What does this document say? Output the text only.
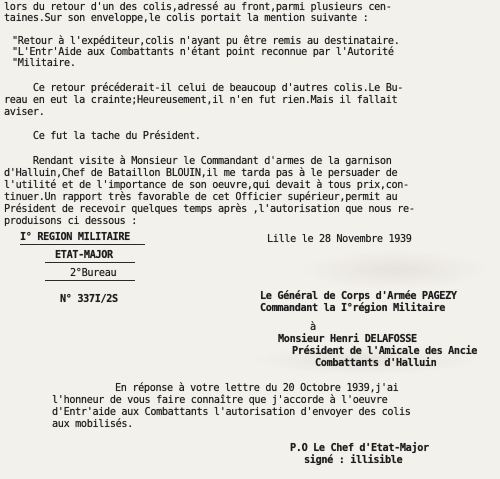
lors du retour d'un des colis,adressé au front,parmi plusieurs cen-
taines.Sur son enveloppe,le colis portait la mention suivante :
"Retour à l'expéditeur,colis n'ayant pu être remis au destinataire.
"L'Entr'Aide aux Combattants n'étant point reconnue par l'Autorité
"Militaire.
Ce retour précéderait-il celui de beaucoup d'autres colis.Le Bu-
reau en eut la crainte;Heureusement,il n'en fut rien.Mais il fallait
aviser.
Ce fut la tache du Président.
Rendant visite à Monsieur le Commandant d'armes de la garnison
d'Halluin,Chef de Bataillon BLOUIN,il me tarda pas à le persuader de
l'utilité et de l'importance de son oeuvre,qui devait à tous prix,con-
tinuer.Un rapport très favorable de cet Officier supérieur,permit au
Président de recevoir quelques temps après ,l'autorisation que nous re-
produisons ci dessous :
I° REGION MILITAIRE	Lille le 28 Novembre 1939
ETAT-MAJOR
2°Bureau
Le Général de Corps d'Armée PAGEZY
N° 337I/2S
Commandant la I°région Militaire
à
Monsieur Henri DELAFOSSE
Président de l'Amicale des Ancie
Combattants d'Halluin
En réponse à votre lettre du 20 Octobre 1939,j'ai
l'honneur de vous faire connaître que j'accorde à l'oeuvre
d'Entr'aide aux Combattants l'autorisation d'envoyer des colis
aux mobilisés.
P.O Le Chef d'Etat-Major
signé : illisible
